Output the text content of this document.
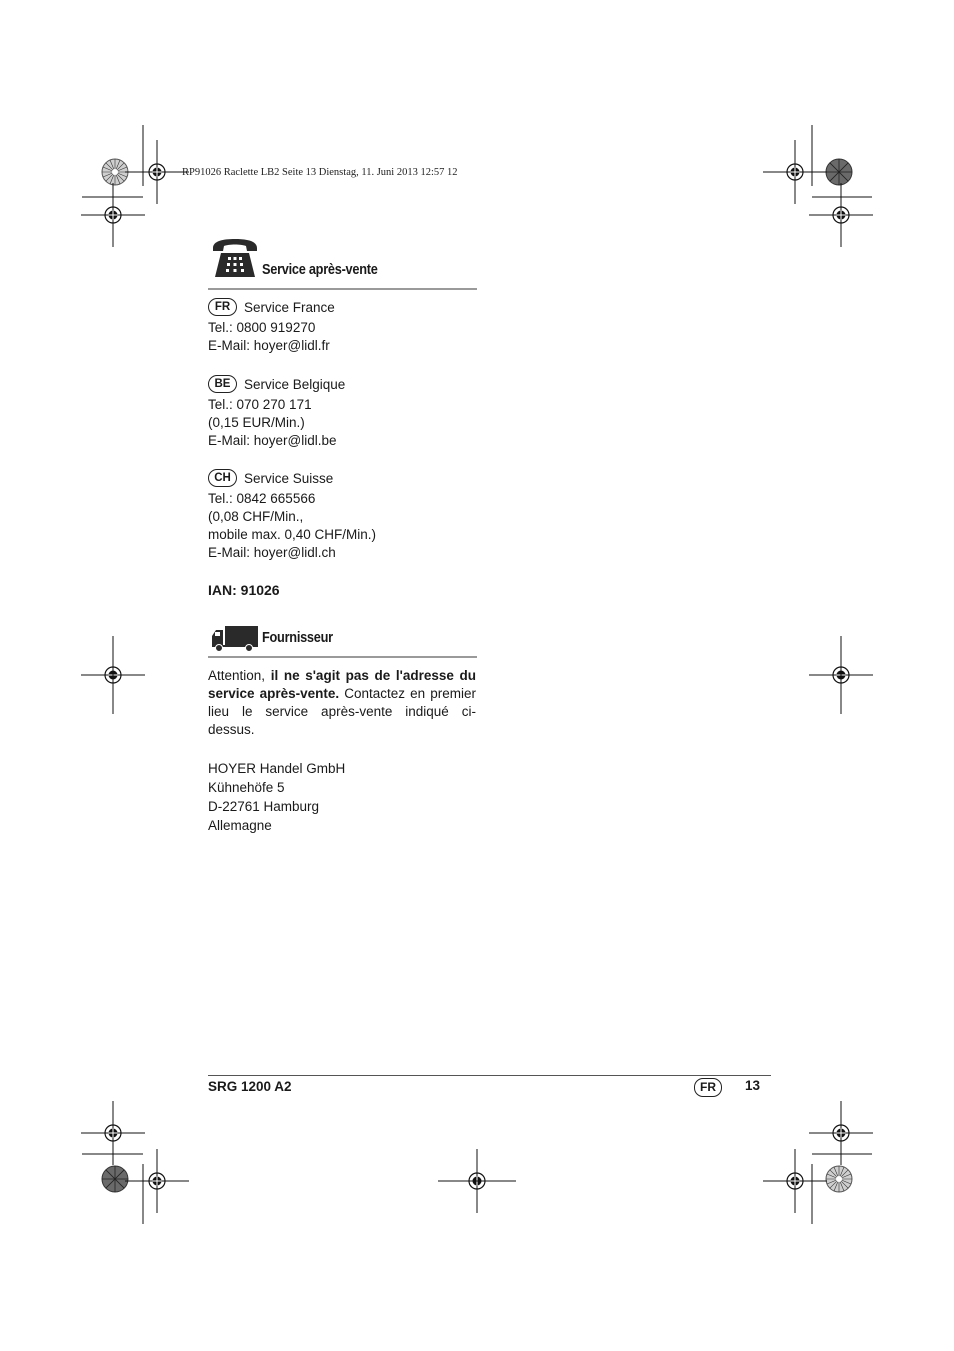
RP91026 Raclette LB2 Seite 13 Dienstag, 11. Juni 2013 12:57 12
Service après-vente
FR Service France
Tel.: 0800 919270
E-Mail: hoyer@lidl.fr
BE Service Belgique
Tel.: 070 270 171
(0,15 EUR/Min.)
E-Mail: hoyer@lidl.be
CH Service Suisse
Tel.: 0842 665566
(0,08 CHF/Min.,
mobile max. 0,40 CHF/Min.)
E-Mail: hoyer@lidl.ch
IAN: 91026
Fournisseur
Attention, il ne s'agit pas de l'adresse du service après-vente. Contactez en premier lieu le service après-vente indiqué ci-dessus.
HOYER Handel GmbH
Kühnehöfe 5
D-22761 Hamburg
Allemagne
SRG 1200 A2	FR	13
